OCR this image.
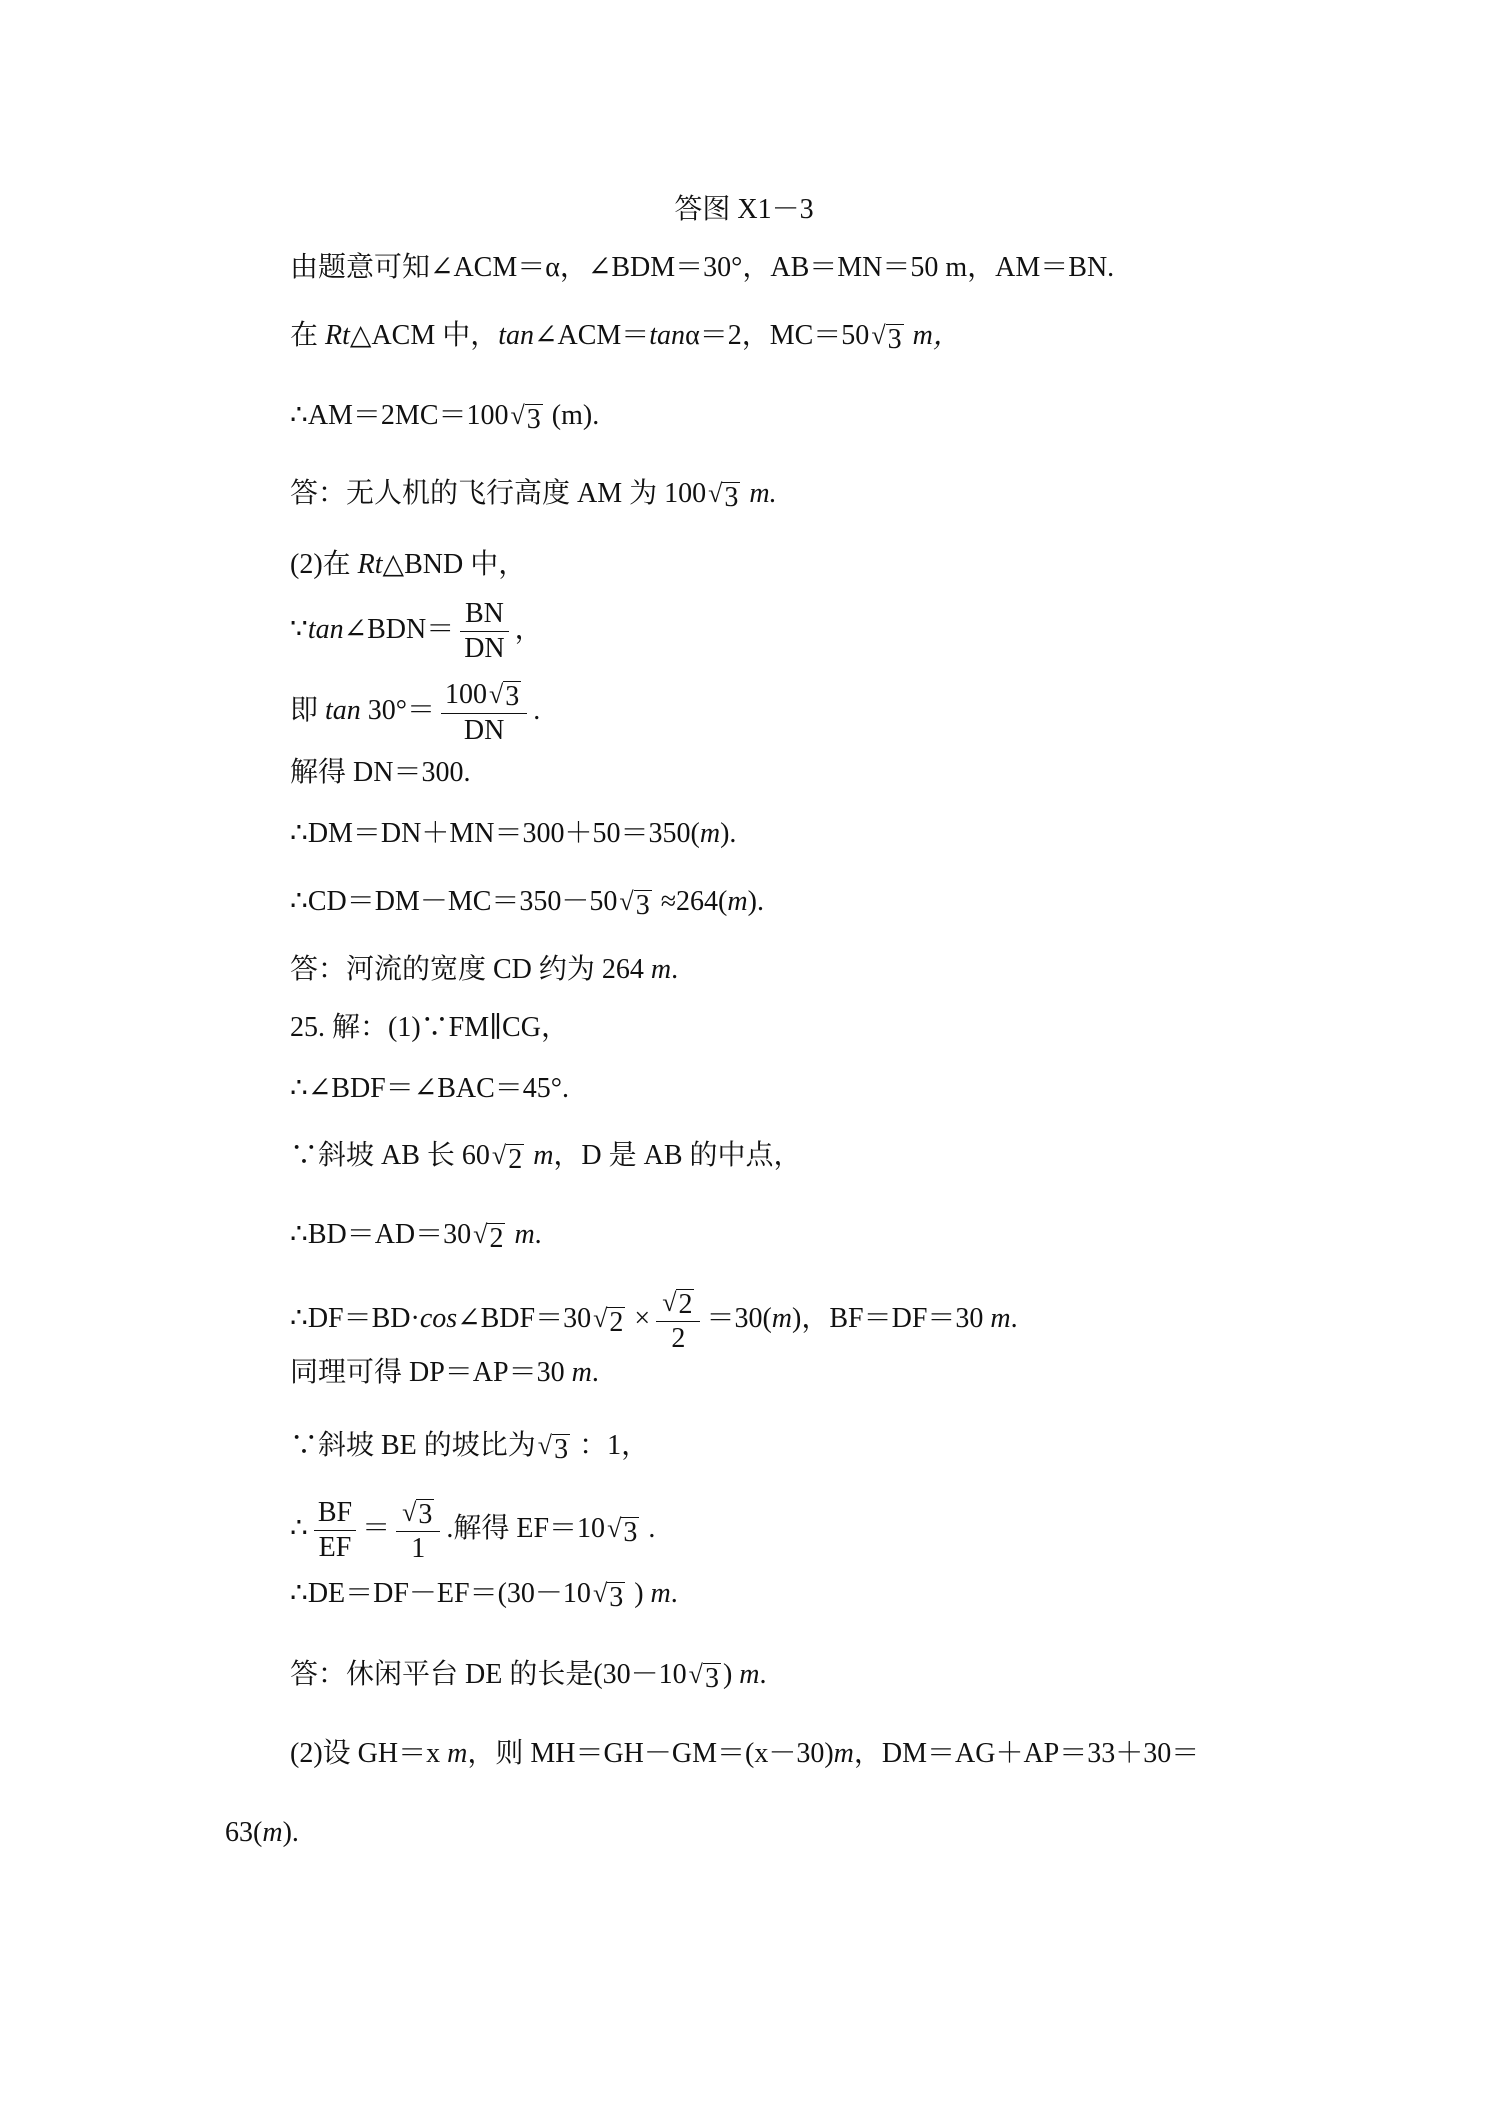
答图 X1－3
由题意可知∠ACM＝α，∠BDM＝30°，AB＝MN＝50 m，AM＝BN.
在 Rt△ACM 中，tan∠ACM＝tanα＝2，MC＝50 √ 3 m，
∴AM＝2MC＝100 √ 3 (m).
答：无人机的飞行高度 AM 为 100 √ 3 m.
(2)在 Rt△BND 中，
∵tan∠BDN＝ $\frac{BN}{DN}$ ，
即 $\tan 30^\circ= \frac{100 √ 3}{DN}$ .
解得 DN＝300.
∴DM＝DN＋MN＝300＋50＝350(m).
∴CD＝DM－MC＝350－50 √ 3 ≈264(m).
答：河流的宽度 CD 约为 264 m.
25. 解：(1)∵FM∥CG，
∴∠BDF＝∠BAC＝45°.
∵斜坡 AB 长 60 √ 2 m，D 是 AB 的中点，
∴BD＝AD＝30 √ 2 m.
∴DF＝BD·cos∠BDF＝30 √ $2 \times \frac{√ 2}{2} =30(m)$，BF＝DF＝30 m.
同理可得 DP＝AP＝30 m.
∵斜坡 BE 的坡比为 √ 3 ：1，
∴ $\frac{BF}{EF} = \frac{√ 3}{1}$ .解得 EF＝10 √ 3 .
∴DE＝DF－EF＝(30－10 √ 3 ) m.
答：休闲平台 DE 的长是(30－10 √ 3 ) m.
(2)设 GH＝x m，则 MH＝GH－GM＝(x－30)m，DM＝AG＋AP＝33＋30＝
63(m).
